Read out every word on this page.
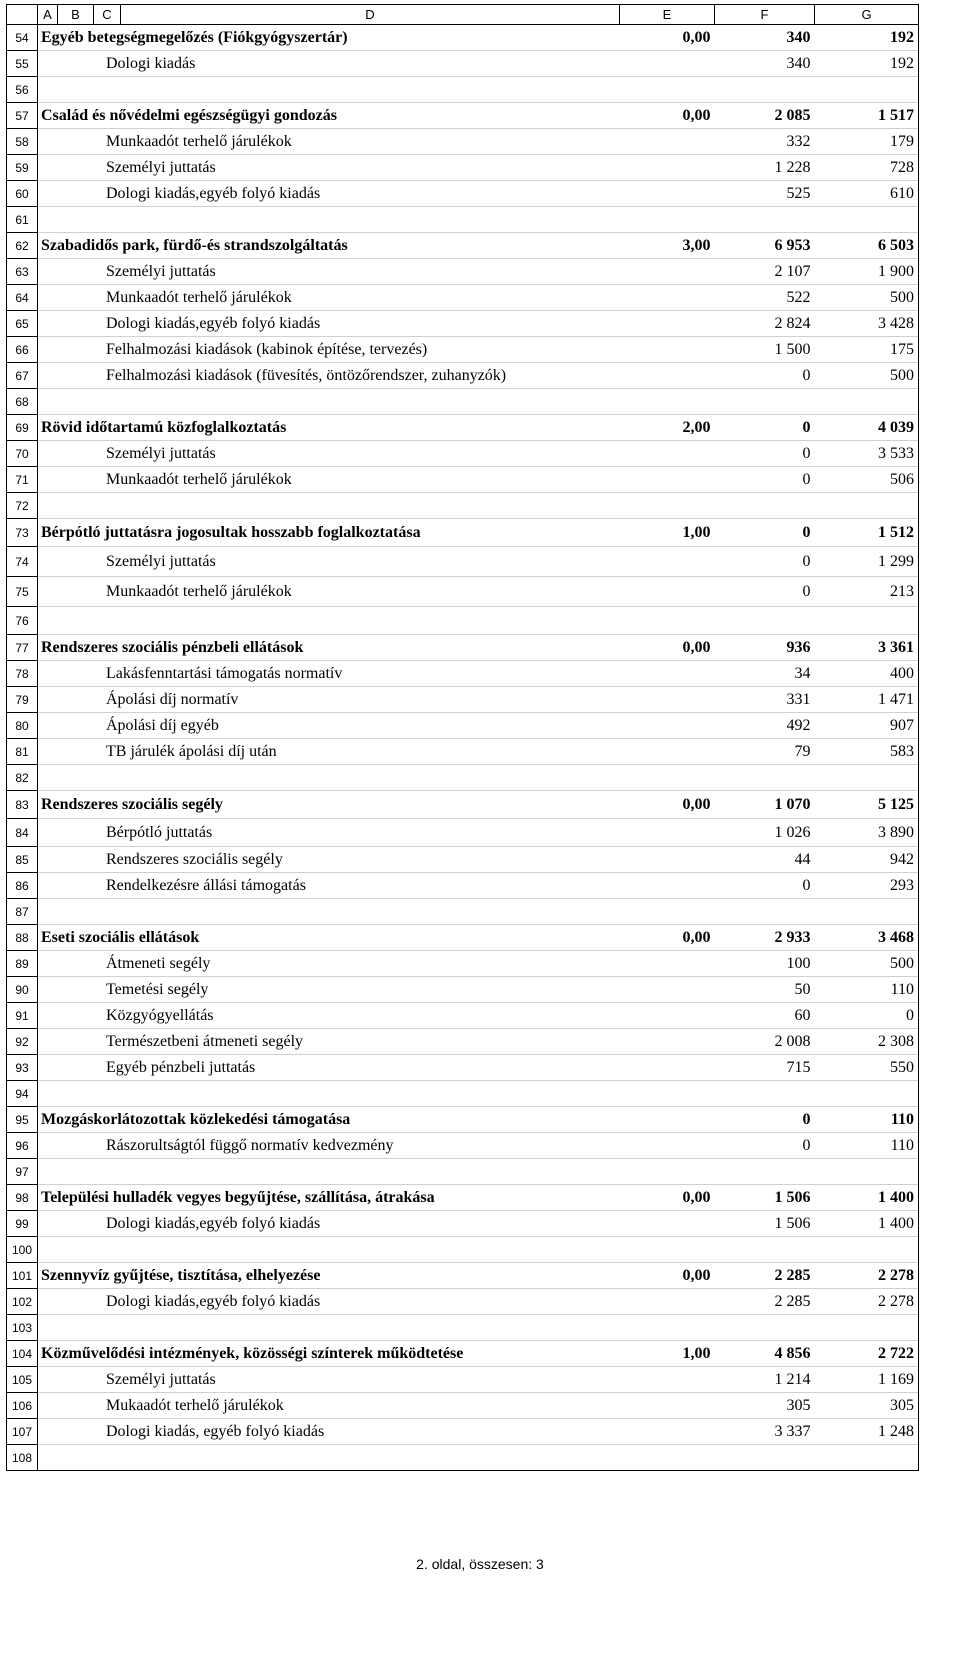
	A	B	C	D	E	F	G
54	Egyéb betegségmegelőzés (Fiókgyógyszertár)				0,00	340	192
55	Dologi kiadás					340	192
56							
57	Család és nővédelmi egészségügyi gondozás				0,00	2 085	1 517
58	Munkaadót terhelő járulékok					332	179
59	Személyi juttatás					1 228	728
60	Dologi kiadás,egyéb folyó kiadás					525	610
61							
62	Szabadidős park, fürdő-és strandszolgáltatás				3,00	6 953	6 503
63	Személyi juttatás					2 107	1 900
64	Munkaadót terhelő járulékok					522	500
65	Dologi kiadás,egyéb folyó kiadás					2 824	3 428
66	Felhalmozási kiadások (kabinok építése, tervezés)					1 500	175
67	Felhalmozási kiadások (füvesítés, öntözőrendszer, zuhanyzók)					0	500
68							
69	Rövid időtartamú közfoglalkoztatás				2,00	0	4 039
70	Személyi juttatás					0	3 533
71	Munkaadót terhelő járulékok					0	506
72							
73	Bérpótló juttatásra jogosultak hosszabb foglalkoztatása				1,00	0	1 512
74	Személyi juttatás					0	1 299
75	Munkaadót terhelő járulékok					0	213
76							
77	Rendszeres szociális pénzbeli ellátások				0,00	936	3 361
78	Lakásfenntartási támogatás normatív					34	400
79	Ápolási díj normatív					331	1 471
80	Ápolási díj egyéb					492	907
81	TB járulék ápolási díj után					79	583
82							
83	Rendszeres szociális segély				0,00	1 070	5 125
84	Bérpótló juttatás					1 026	3 890
85	Rendszeres szociális segély					44	942
86	Rendelkezésre állási támogatás					0	293
87							
88	Eseti szociális ellátások				0,00	2 933	3 468
89	Átmeneti segély					100	500
90	Temetési segély					50	110
91	Közgyógyellátás					60	0
92	Természetbeni átmeneti segély					2 008	2 308
93	Egyéb pénzbeli juttatás					715	550
94							
95	Mozgáskorlátozottak közlekedési támogatása					0	110
96	Rászorultságtól függő normatív kedvezmény					0	110
97							
98	Települési hulladék vegyes begyűjtése, szállítása, átrakása				0,00	1 506	1 400
99	Dologi kiadás,egyéb folyó kiadás					1 506	1 400
100							
101	Szennyvíz gyűjtése, tisztítása, elhelyezése				0,00	2 285	2 278
102	Dologi kiadás,egyéb folyó kiadás					2 285	2 278
103							
104	Közművelődési intézmények, közösségi színterek működtetése				1,00	4 856	2 722
105	Személyi juttatás					1 214	1 169
106	Mukaadót terhelő járulékok					305	305
107	Dologi kiadás, egyéb folyó kiadás					3 337	1 248
108							
2. oldal, összesen: 3
